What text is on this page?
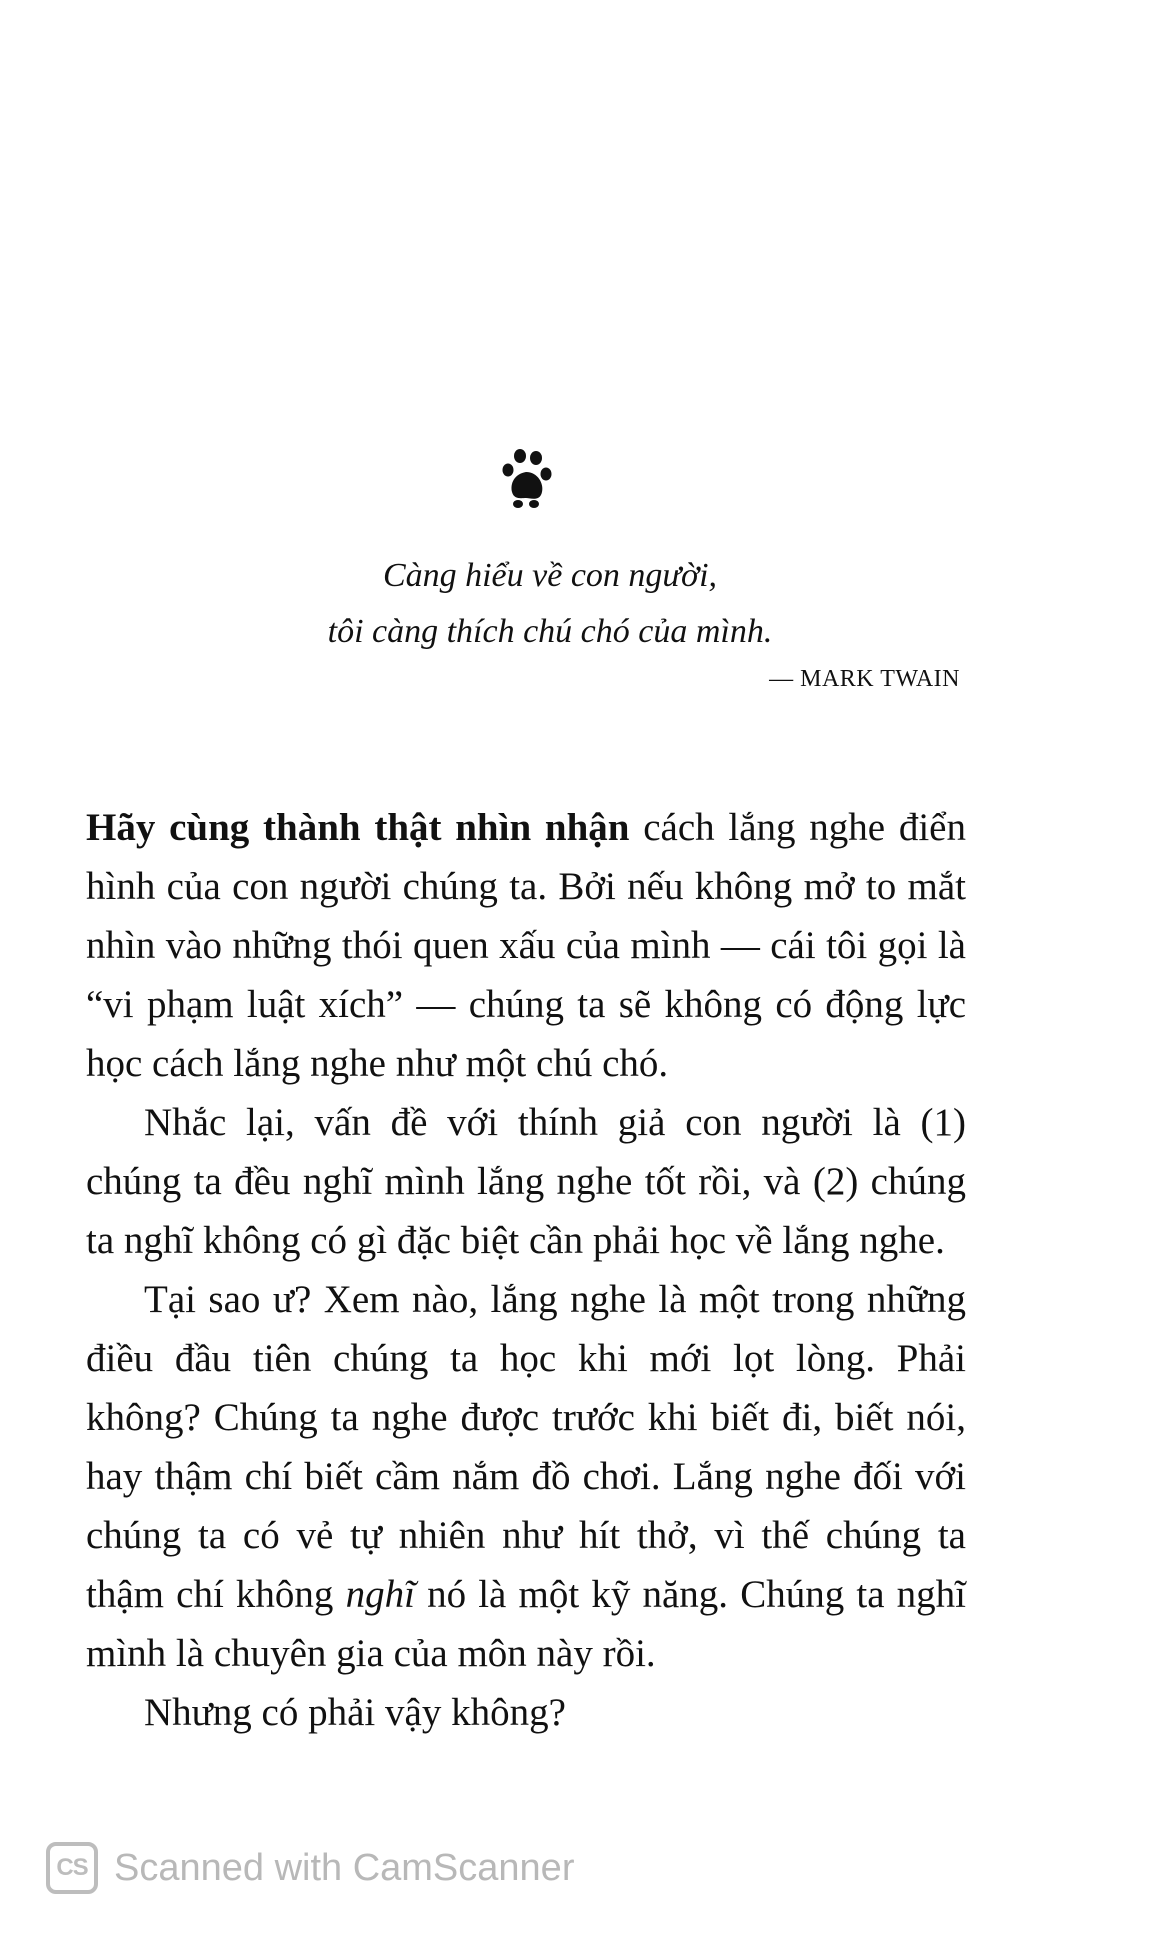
Càng hiểu về con người,
tôi càng thích chú chó của mình.
— MARK TWAIN

Hãy cùng thành thật nhìn nhận cách lắng nghe điển hình của con người chúng ta. Bởi nếu không mở to mắt nhìn vào những thói quen xấu của mình — cái tôi gọi là “vi phạm luật xích” — chúng ta sẽ không có động lực học cách lắng nghe như một chú chó.

Nhắc lại, vấn đề với thính giả con người là (1) chúng ta đều nghĩ mình lắng nghe tốt rồi, và (2) chúng ta nghĩ không có gì đặc biệt cần phải học về lắng nghe.

Tại sao ư? Xem nào, lắng nghe là một trong những điều đầu tiên chúng ta học khi mới lọt lòng. Phải không? Chúng ta nghe được trước khi biết đi, biết nói, hay thậm chí biết cầm nắm đồ chơi. Lắng nghe đối với chúng ta có vẻ tự nhiên như hít thở, vì thế chúng ta thậm chí không nghĩ nó là một kỹ năng. Chúng ta nghĩ mình là chuyên gia của môn này rồi.

Nhưng có phải vậy không?

CS Scanned with CamScanner
